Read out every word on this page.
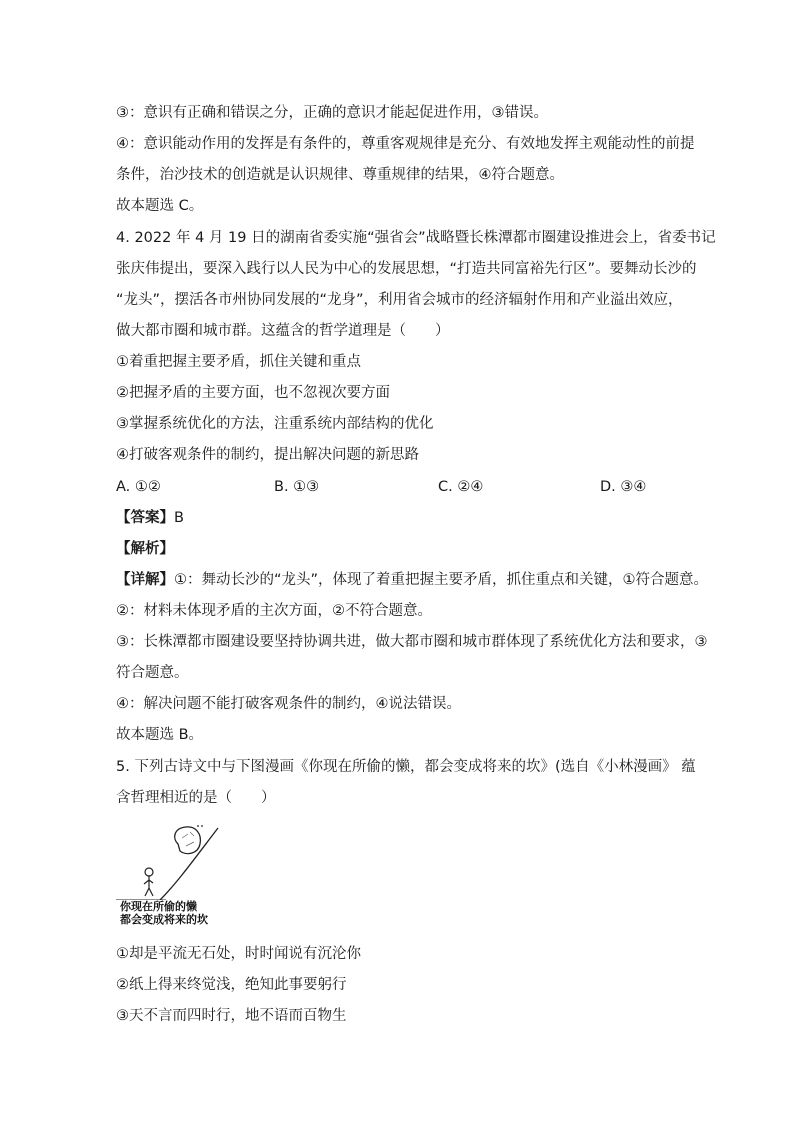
③：意识有正确和错误之分，正确的意识才能起促进作用，③错误。
④：意识能动作用的发挥是有条件的，尊重客观规律是充分、有效地发挥主观能动性的前提
条件，治沙技术的创造就是认识规律、尊重规律的结果，④符合题意。
故本题选 C。
4. 2022 年 4 月 19 日的湖南省委实施“强省会”战略暨长株潭都市圈建设推进会上，省委书记
张庆伟提出，要深入践行以人民为中心的发展思想，“打造共同富裕先行区”。要舞动长沙的
“龙头”，摆活各市州协同发展的“龙身”，利用省会城市的经济辐射作用和产业溢出效应，
做大都市圈和城市群。这蕴含的哲学道理是（　　）
①着重把握主要矛盾，抓住关键和重点
②把握矛盾的主要方面，也不忽视次要方面
③掌握系统优化的方法，注重系统内部结构的优化
④打破客观条件的制约，提出解决问题的新思路
A. ①②	B. ①③	C. ②④	D. ③④
【答案】B
【解析】
【详解】①：舞动长沙的“龙头”，体现了着重把握主要矛盾，抓住重点和关键，①符合题意。
②：材料未体现矛盾的主次方面，②不符合题意。
③：长株潭都市圈建设要坚持协调共进，做大都市圈和城市群体现了系统优化方法和要求，③
符合题意。
④：解决问题不能打破客观条件的制约，④说法错误。
故本题选 B。
5. 下列古诗文中与下图漫画《你现在所偷的懒，都会变成将来的坎》(选自《小林漫画》 蕴
含哲理相近的是（　　）
你现在所偷的懒
都会变成将来的坎
①却是平流无石处，时时闻说有沉沦你
②纸上得来终觉浅，绝知此事要躬行
③天不言而四时行，地不语而百物生
